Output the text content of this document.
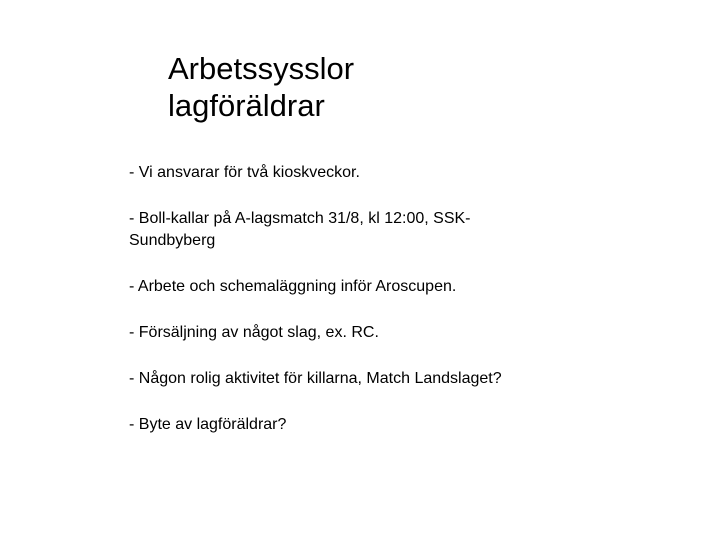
Arbetssysslor
lagföräldrar
- Vi ansvarar för två kioskveckor.
- Boll-kallar på A-lagsmatch 31/8, kl 12:00, SSK-Sundbyberg
- Arbete och schemaläggning inför Aroscupen.
- Försäljning av något slag, ex. RC.
- Någon rolig aktivitet för killarna, Match Landslaget?
- Byte av lagföräldrar?
